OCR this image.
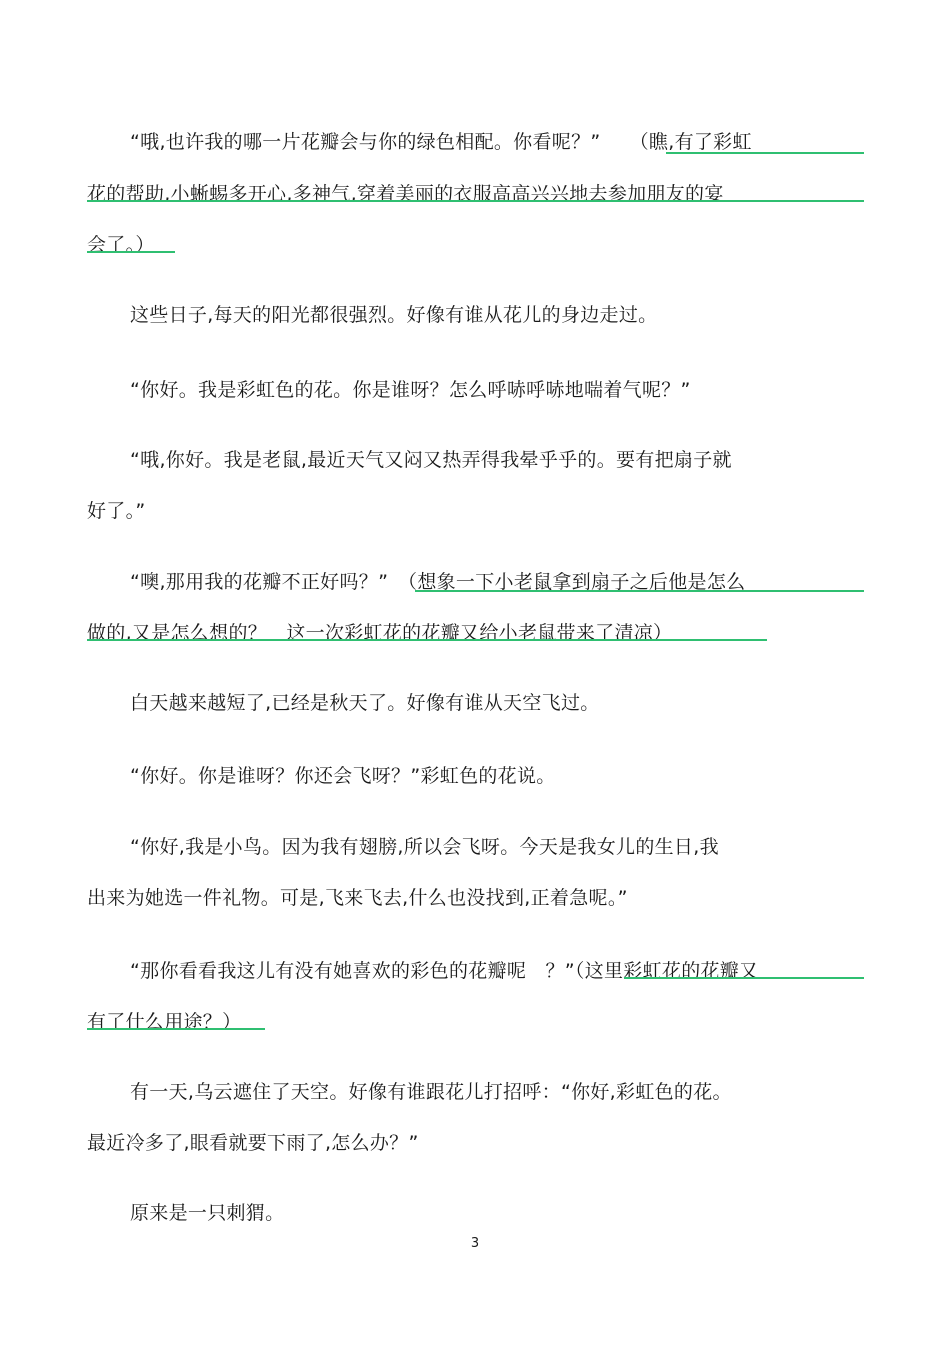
“哦,也许我的哪一片花瓣会与你的绿色相配。你看呢？”　　（瞧,有了彩虹
花的帮助,小蜥蜴多开心,多神气,穿着美丽的衣服高高兴兴地去参加朋友的宴
会了。）
这些日子,每天的阳光都很强烈。好像有谁从花儿的身边走过。
“你好。我是彩虹色的花。你是谁呀？怎么呼哧呼哧地喘着气呢？”
“哦,你好。我是老鼠,最近天气又闷又热弄得我晕乎乎的。要有把扇子就
好了。”
“噢,那用我的花瓣不正好吗？”　（想象一下小老鼠拿到扇子之后他是怎么
做的,又是怎么想的？　这一次彩虹花的花瓣又给小老鼠带来了清凉）
白天越来越短了,已经是秋天了。好像有谁从天空飞过。
“你好。你是谁呀？你还会飞呀？”彩虹色的花说。
“你好,我是小鸟。因为我有翅膀,所以会飞呀。今天是我女儿的生日,我
出来为她选一件礼物。可是,飞来飞去,什么也没找到,正着急呢。”
“那你看看我这儿有没有她喜欢的彩色的花瓣呢　？”（这里彩虹花的花瓣又
有了什么用途？）
有一天,乌云遮住了天空。好像有谁跟花儿打招呼：“你好,彩虹色的花。
最近冷多了,眼看就要下雨了,怎么办？”
原来是一只刺猬。
3
